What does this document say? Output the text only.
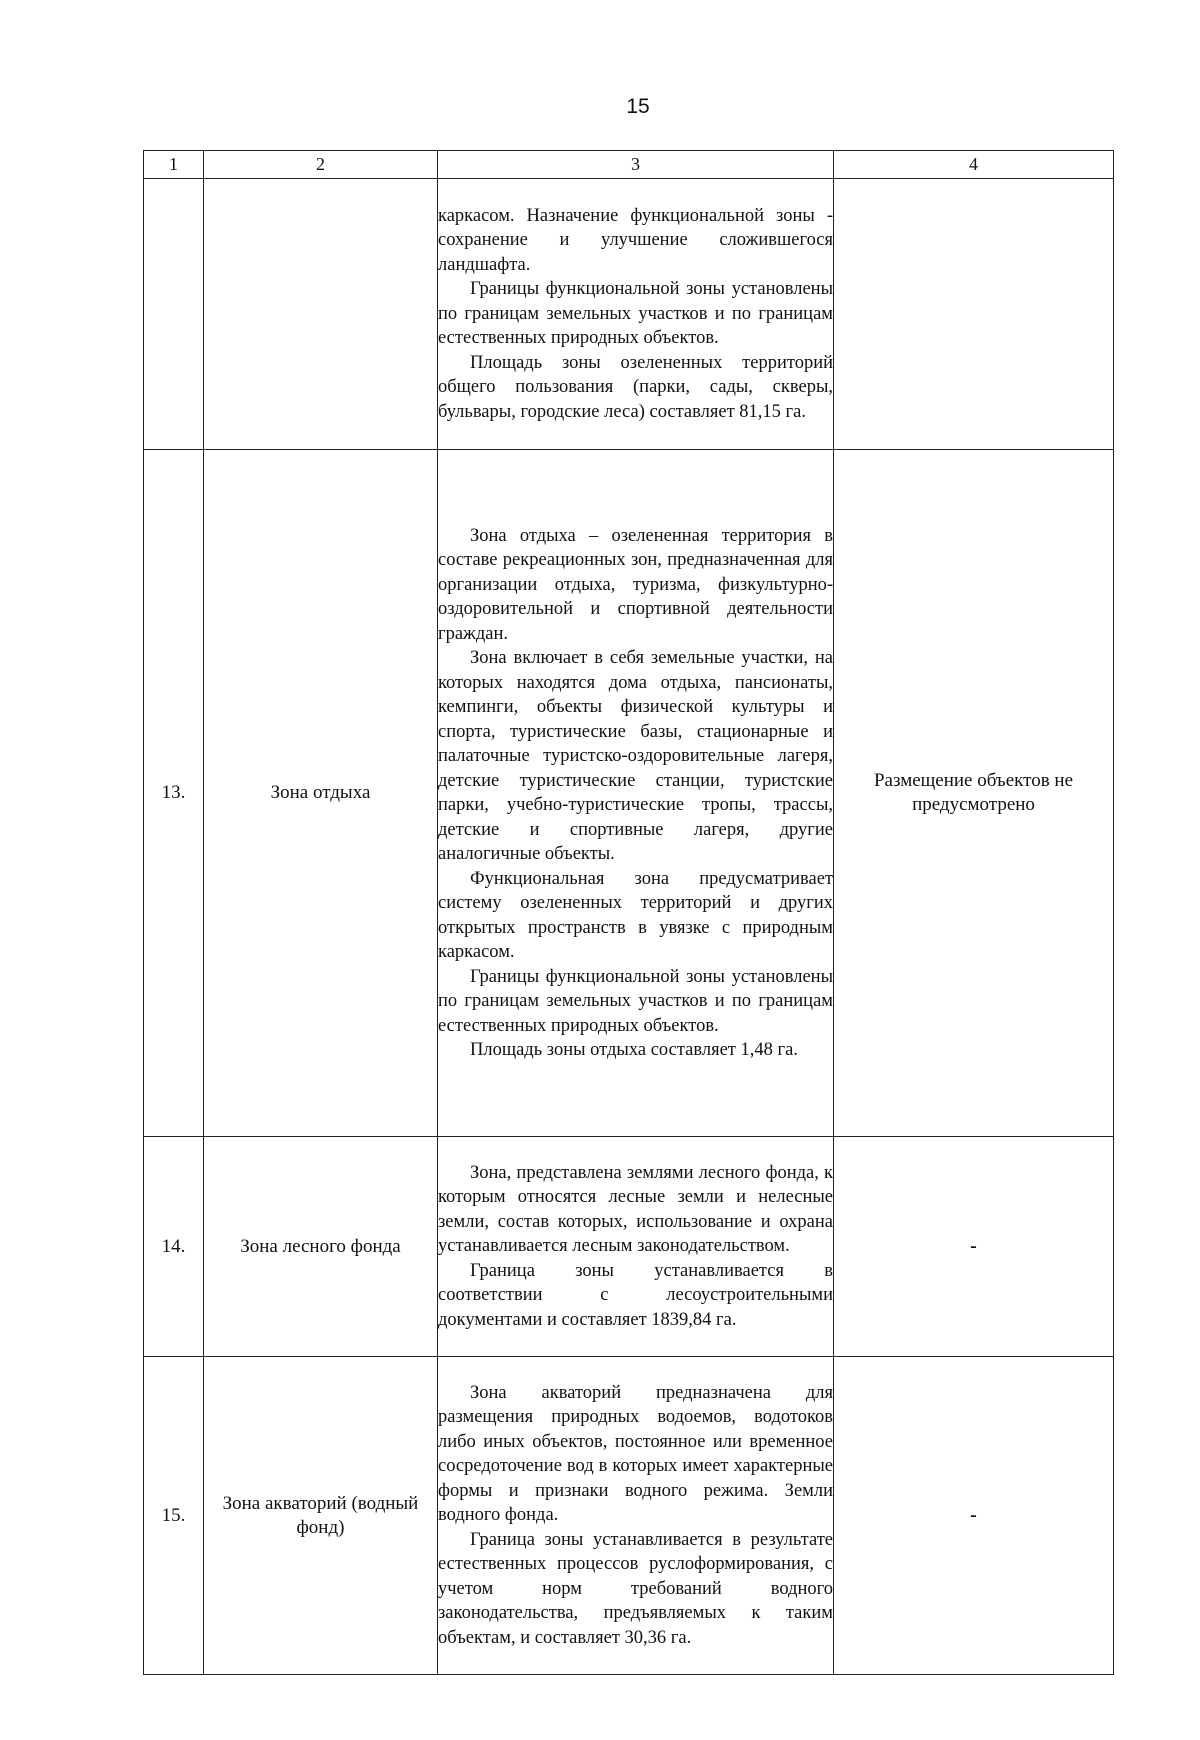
15
1	2	3	4

		каркасом. Назначение функциональной зоны - сохранение и улучшение сложившегося ландшафта.

Границы функциональной зоны установлены по границам земельных участков и по границам естественных природных объектов.

Площадь зоны озелененных территорий общего пользования (парки, сады, скверы, бульвары, городские леса) составляет 81,15 га.	

13.	Зона отдыха	Зона отдыха – озелененная территория в составе рекреационных зон, предназначенная для организации отдыха, туризма, физкультурно-оздоровительной и спортивной деятельности граждан.

Зона включает в себя земельные участки, на которых находятся дома отдыха, пансионаты, кемпинги, объекты физической культуры и спорта, туристические базы, стационарные и палаточные туристско-оздоровительные лагеря, детские туристические станции, туристские парки, учебно-туристические тропы, трассы, детские и спортивные лагеря, другие аналогичные объекты.

Функциональная зона предусматривает систему озелененных территорий и других открытых пространств в увязке с природным каркасом.

Границы функциональной зоны установлены по границам земельных участков и по границам естественных природных объектов.

Площадь зоны отдыха составляет 1,48 га.	Размещение объектов не предусмотрено
14.	Зона лесного фонда	Зона, представлена землями лесного фонда, к которым относятся лесные земли и нелесные земли, состав которых, использование и охрана устанавливается лесным законодательством.

Граница зоны устанавливается в соответствии с лесоустроительными документами и составляет 1839,84 га.	-
15.	Зона акваторий (водный фонд)	Зона акваторий предназначена для размещения природных водоемов, водотоков либо иных объектов, постоянное или временное сосредоточение вод в которых имеет характерные формы и признаки водного режима. Земли водного фонда.

Граница зоны устанавливается в результате естественных процессов руслоформирования, с учетом норм требований водного законодательства, предъявляемых к таким объектам, и составляет 30,36 га.	-
